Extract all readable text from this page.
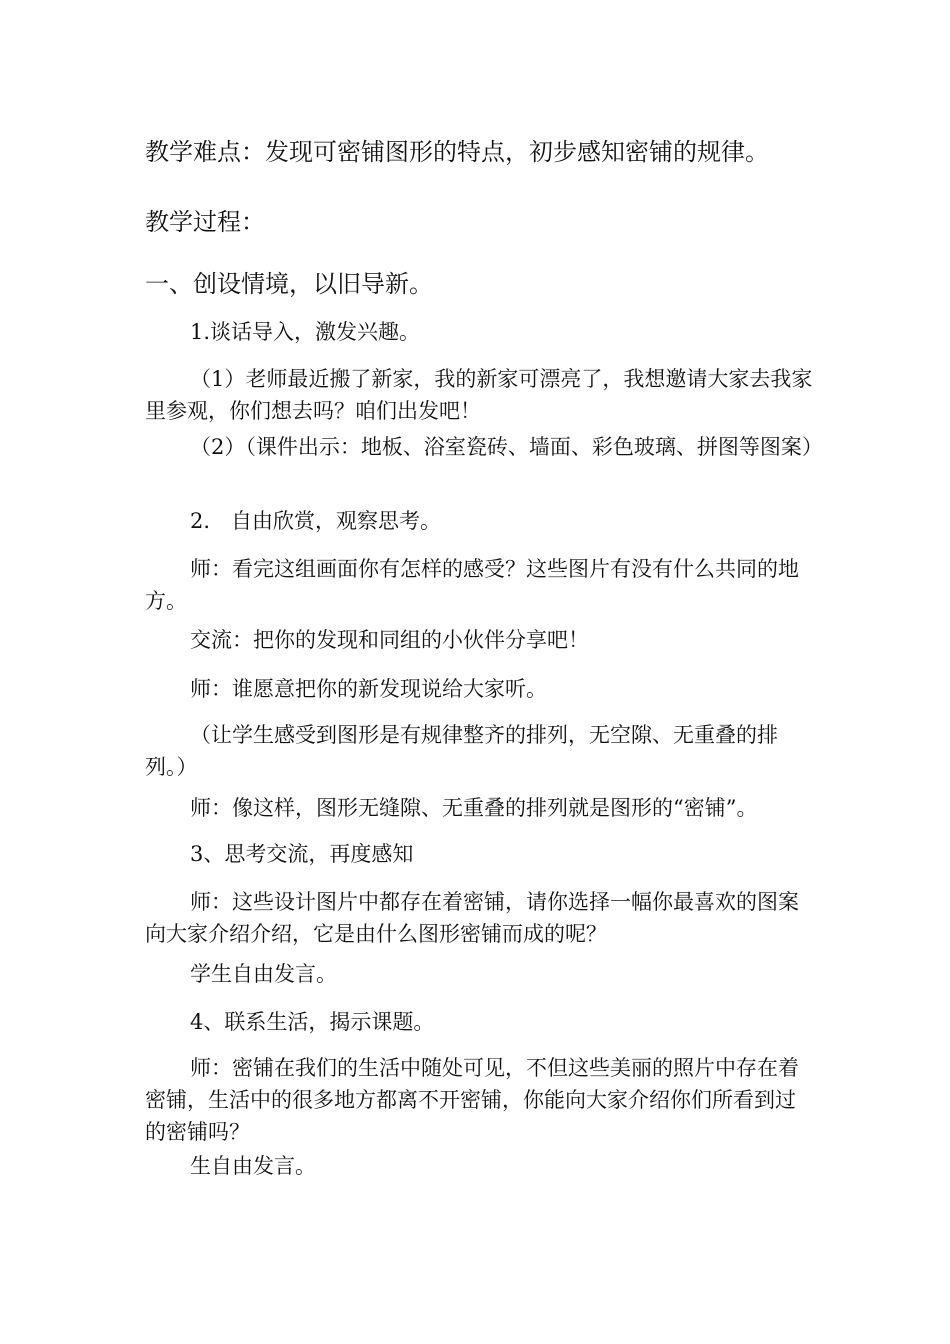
教学难点：发现可密铺图形的特点，初步感知密铺的规律。

教学过程：

一、创设情境，以旧导新。

1.谈话导入，激发兴趣。

（1）老师最近搬了新家，我的新家可漂亮了，我想邀请大家去我家里参观，你们想去吗？咱们出发吧！

（2）（课件出示：地板、浴室瓷砖、墙面、彩色玻璃、拼图等图案）

2.　自由欣赏，观察思考。

师：看完这组画面你有怎样的感受？这些图片有没有什么共同的地方。

交流：把你的发现和同组的小伙伴分享吧！

师：谁愿意把你的新发现说给大家听。

（让学生感受到图形是有规律整齐的排列，无空隙、无重叠的排列。）

师：像这样，图形无缝隙、无重叠的排列就是图形的“密铺”。

3、思考交流，再度感知

师：这些设计图片中都存在着密铺，请你选择一幅你最喜欢的图案向大家介绍介绍，它是由什么图形密铺而成的呢？

学生自由发言。

4、联系生活，揭示课题。

师：密铺在我们的生活中随处可见，不但这些美丽的照片中存在着密铺，生活中的很多地方都离不开密铺，你能向大家介绍你们所看到过的密铺吗？

生自由发言。
